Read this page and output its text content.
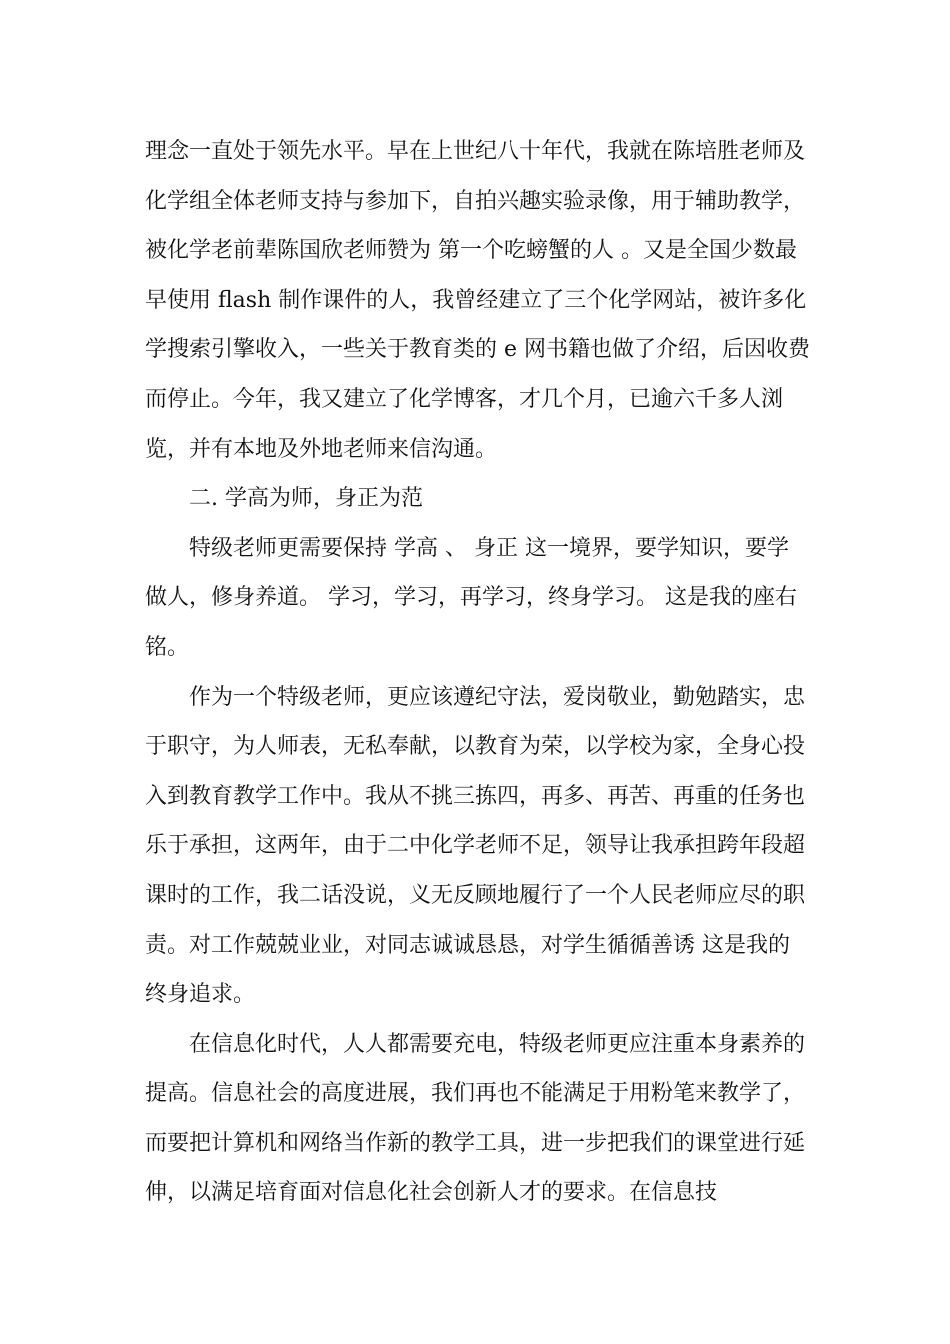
理念一直处于领先水平。早在上世纪八十年代，我就在陈培胜老师及化学组全体老师支持与参加下，自拍兴趣实验录像，用于辅助教学，被化学老前辈陈国欣老师赞为 第一个吃螃蟹的人 。又是全国少数最早使用 flash 制作课件的人，我曾经建立了三个化学网站，被许多化学搜索引擎收入，一些关于教育类的 e 网书籍也做了介绍，后因收费而停止。今年，我又建立了化学博客，才几个月，已逾六千多人浏览，并有本地及外地老师来信沟通。

二. 学高为师，身正为范

特级老师更需要保持 学高 、 身正 这一境界，要学知识，要学做人，修身养道。 学习，学习，再学习，终身学习。 这是我的座右铭。

作为一个特级老师，更应该遵纪守法，爱岗敬业，勤勉踏实，忠于职守，为人师表，无私奉献，以教育为荣，以学校为家，全身心投入到教育教学工作中。我从不挑三拣四，再多、再苦、再重的任务也乐于承担，这两年，由于二中化学老师不足，领导让我承担跨年段超课时的工作，我二话没说，义无反顾地履行了一个人民老师应尽的职责。对工作兢兢业业，对同志诚诚恳恳，对学生循循善诱 这是我的终身追求。

在信息化时代，人人都需要充电，特级老师更应注重本身素养的提高。信息社会的高度进展，我们再也不能满足于用粉笔来教学了，而要把计算机和网络当作新的教学工具，进一步把我们的课堂进行延伸，以满足培育面对信息化社会创新人才的要求。在信息技
